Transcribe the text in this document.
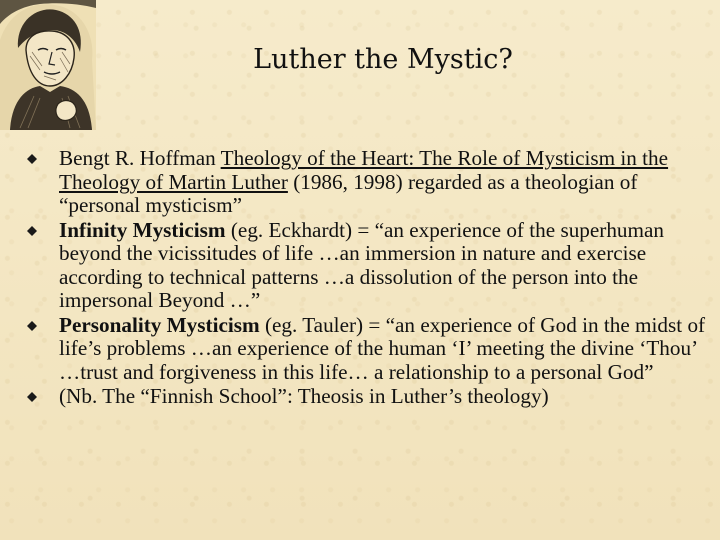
Luther the Mystic?
Bengt R. Hoffman Theology of the Heart: The Role of Mysticism in the Theology of Martin Luther (1986, 1998) regarded as a theologian of “personal mysticism”
Infinity Mysticism (eg. Eckhardt) = “an experience of the superhuman beyond the vicissitudes of life …an immersion in nature and exercise according to technical patterns …a dissolution of the person into the impersonal Beyond …”
Personality Mysticism (eg. Tauler) = “an experience of God in the midst of life’s problems …an experience of the human ‘I’ meeting the divine ‘Thou’ …trust and forgiveness in this life… a relationship to a personal God”
(Nb. The “Finnish School”: Theosis in Luther’s theology)
